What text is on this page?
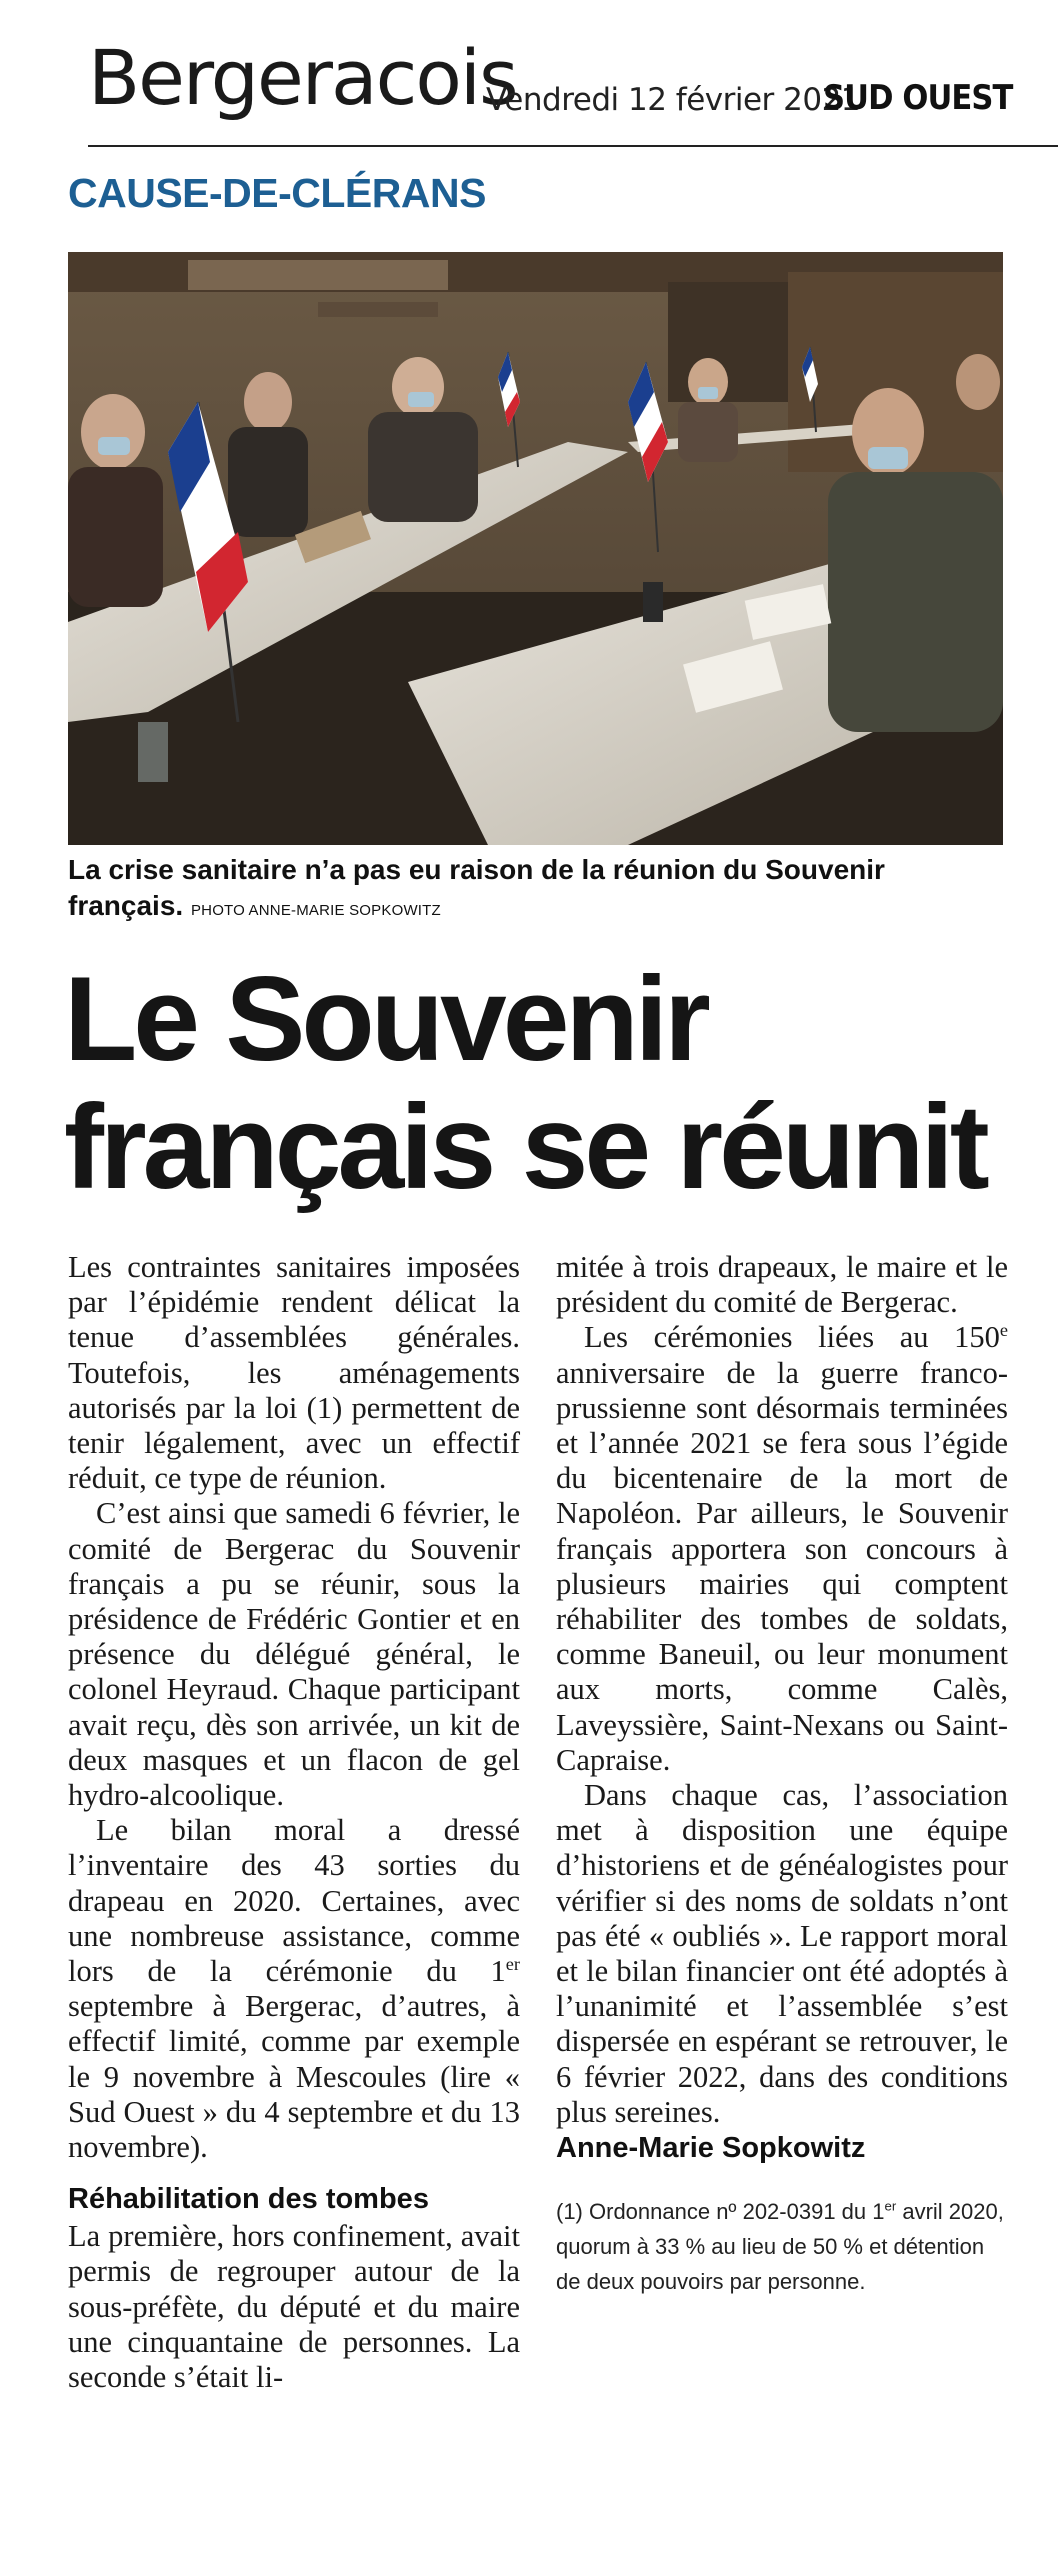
Bergeracois
Vendredi 12 février 2021
SUD OUEST
CAUSE-DE-CLÉRANS
La crise sanitaire n’a pas eu raison de la réunion du Souvenir français. PHOTO ANNE-MARIE SOPKOWITZ
Le Souvenir
français se réunit

Les contraintes sanitaires imposées par l’épidémie rendent délicat la tenue d’assemblées générales. Toutefois, les aménagements autorisés par la loi (1) permettent de tenir légalement, avec un effectif réduit, ce type de réunion.

C’est ainsi que samedi 6 février, le comité de Bergerac du Souvenir français a pu se réunir, sous la présidence de Frédéric Gontier et en présence du délégué général, le colonel Heyraud. Chaque participant avait reçu, dès son arrivée, un kit de deux masques et un flacon de gel hydro-alcoolique.

Le bilan moral a dressé l’inventaire des 43 sorties du drapeau en 2020. Certaines, avec une nombreuse assistance, comme lors de la cérémonie du 1er septembre à Bergerac, d’autres, à effectif limité, comme par exemple le 9 novembre à Mescoules (lire « Sud Ouest » du 4 septembre et du 13 novembre).

Réhabilitation des tombes

La première, hors confinement, avait permis de regrouper autour de la sous-préfète, du député et du maire une cinquantaine de personnes. La seconde s’était li-

mitée à trois drapeaux, le maire et le président du comité de Bergerac.

Les cérémonies liées au 150e anniversaire de la guerre franco-prussienne sont désormais terminées et l’année 2021 se fera sous l’égide du bicentenaire de la mort de Napoléon. Par ailleurs, le Souvenir français apportera son concours à plusieurs mairies qui comptent réhabiliter des tombes de soldats, comme Baneuil, ou leur monument aux morts, comme Calès, Laveyssière, Saint-Nexans ou Saint-Capraise.

Dans chaque cas, l’association met à disposition une équipe d’historiens et de généalogistes pour vérifier si des noms de soldats n’ont pas été « oubliés ». Le rapport moral et le bilan financier ont été adoptés à l’unanimité et l’assemblée s’est dispersée en espérant se retrouver, le 6 février 2022, dans des conditions plus sereines.

Anne-Marie Sopkowitz
(1) Ordonnance nº 202-0391 du 1er avril 2020, quorum à 33 % au lieu de 50 % et détention de deux pouvoirs par personne.
